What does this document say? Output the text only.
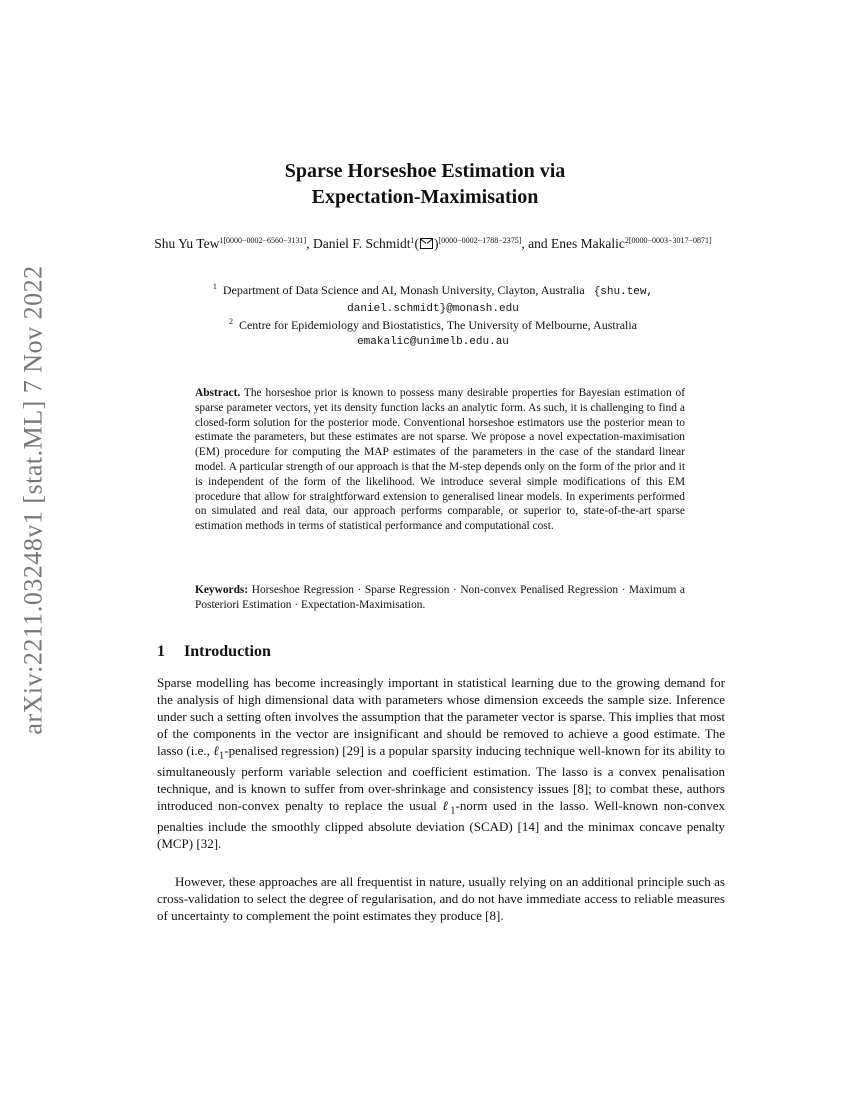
arXiv:2211.03248v1 [stat.ML] 7 Nov 2022
Sparse Horseshoe Estimation via
Expectation-Maximisation
Shu Yu Tew$^{1[0000-0002-6560-3131]}$, Daniel F. Schmidt$^1$( )[0000−0002−1788−2375], and Enes Makalic$^{2[0000-0003-3017-0871]}$
$^1$ Department of Data Science and AI, Monash University, Clayton, Australia {shu.tew,
daniel.schmidt}@monash.edu
$^2$ Centre for Epidemiology and Biostatistics, The University of Melbourne, Australia
emakalic@unimelb.edu.au
Abstract. The horseshoe prior is known to possess many desirable properties for Bayesian estimation of sparse parameter vectors, yet its density function lacks an analytic form. As such, it is challenging to find a closed-form solution for the posterior mode. Conventional horseshoe estimators use the posterior mean to estimate the parameters, but these estimates are not sparse. We propose a novel expectation-maximisation (EM) procedure for computing the MAP estimates of the parameters in the case of the standard linear model. A particular strength of our approach is that the M-step depends only on the form of the prior and it is independent of the form of the likelihood. We introduce several simple modifications of this EM procedure that allow for straightforward extension to generalised linear models. In experiments performed on simulated and real data, our approach performs comparable, or superior to, state-of-the-art sparse estimation methods in terms of statistical performance and computational cost.
Keywords: Horseshoe Regression · Sparse Regression · Non-convex Penalised Regression · Maximum a Posteriori Estimation · Expectation-Maximisation.
1 Introduction
Sparse modelling has become increasingly important in statistical learning due to the growing demand for the analysis of high dimensional data with parameters whose dimension exceeds the sample size. Inference under such a setting often involves the assumption that the parameter vector is sparse. This implies that most of the components in the vector are insignificant and should be removed to achieve a good estimate. The lasso (i.e., ℓ$_1$-penalised regression) [29] is a popular sparsity inducing technique well-known for its ability to simultaneously perform variable selection and coefficient estimation. The lasso is a convex penalisation technique, and is known to suffer from over-shrinkage and consistency issues [8]; to combat these, authors introduced non-convex penalty to replace the usual ℓ$_1$-norm used in the lasso. Well-known non-convex penalties include the smoothly clipped absolute deviation (SCAD) [14] and the minimax concave penalty (MCP) [32].
However, these approaches are all frequentist in nature, usually relying on an additional principle such as cross-validation to select the degree of regularisation, and do not have immediate access to reliable measures of uncertainty to complement the point estimates they produce [8].
